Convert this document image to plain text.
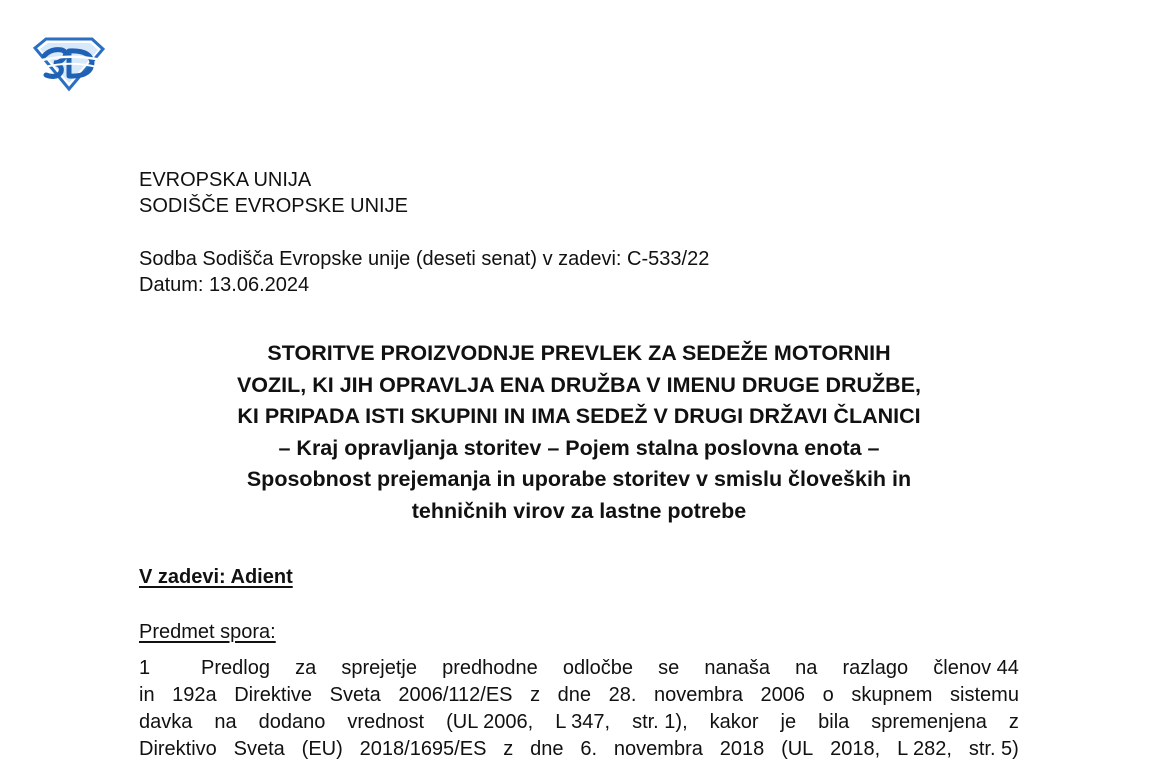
EVROPSKA UNIJA
SODIŠČE EVROPSKE UNIJE
Sodba Sodišča Evropske unije (deseti senat) v zadevi: C-533/22
Datum: 13.06.2024
STORITVE PROIZVODNJE PREVLEK ZA SEDEŽE MOTORNIH
VOZIL, KI JIH OPRAVLJA ENA DRUŽBA V IMENU DRUGE DRUŽBE,
KI PRIPADA ISTI SKUPINI IN IMA SEDEŽ V DRUGI DRŽAVI ČLANICI
– Kraj opravljanja storitev – Pojem stalna poslovna enota –
Sposobnost prejemanja in uporabe storitev v smislu človeških in
tehničnih virov za lastne potrebe
V zadevi: Adient
Predmet spora:
1	Predlog za sprejetje predhodne odločbe se nanaša na razlago členov 44
in 192a Direktive Sveta 2006/112/ES z dne 28. novembra 2006 o skupnem sistemu
davka na dodano vrednost (UL 2006, L 347, str. 1), kakor je bila spremenjena z
Direktivo Sveta (EU) 2018/1695/ES z dne 6. novembra 2018 (UL 2018, L 282, str. 5)
